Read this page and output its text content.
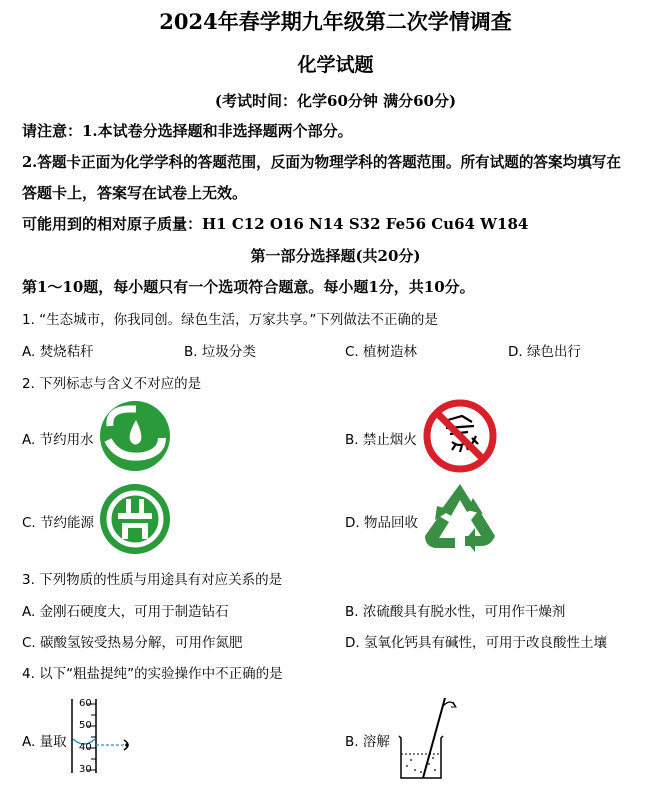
2024年春学期九年级第二次学情调查
化学试题
(考试时间：化学60分钟 满分60分)
请注意：1.本试卷分选择题和非选择题两个部分。
2.答题卡正面为化学学科的答题范围，反面为物理学科的答题范围。所有试题的答案均填写在
答题卡上，答案写在试卷上无效。
可能用到的相对原子质量：H1 C12 O16 N14 S32 Fe56 Cu64 W184
第一部分选择题(共20分)
第1～10题，每小题只有一个选项符合题意。每小题1分，共10分。
1. “生态城市，你我同创。绿色生活，万家共享。”下列做法不正确的是
A. 焚烧秸秆	B. 垃圾分类	C. 植树造林	D. 绿色出行
2. 下列标志与含义不对应的是
A. 节约用水	B. 禁止烟火
C. 节约能源	D. 物品回收
3. 下列物质的性质与用途具有对应关系的是
A. 金刚石硬度大，可用于制造钻石	B. 浓硫酸具有脱水性，可用作干燥剂
C. 碳酸氢铵受热易分解，可用作氮肥	D. 氢氧化钙具有碱性，可用于改良酸性土壤
4. 以下“粗盐提纯”的实验操作中不正确的是
A. 量取
60
50
40
30
B. 溶解
